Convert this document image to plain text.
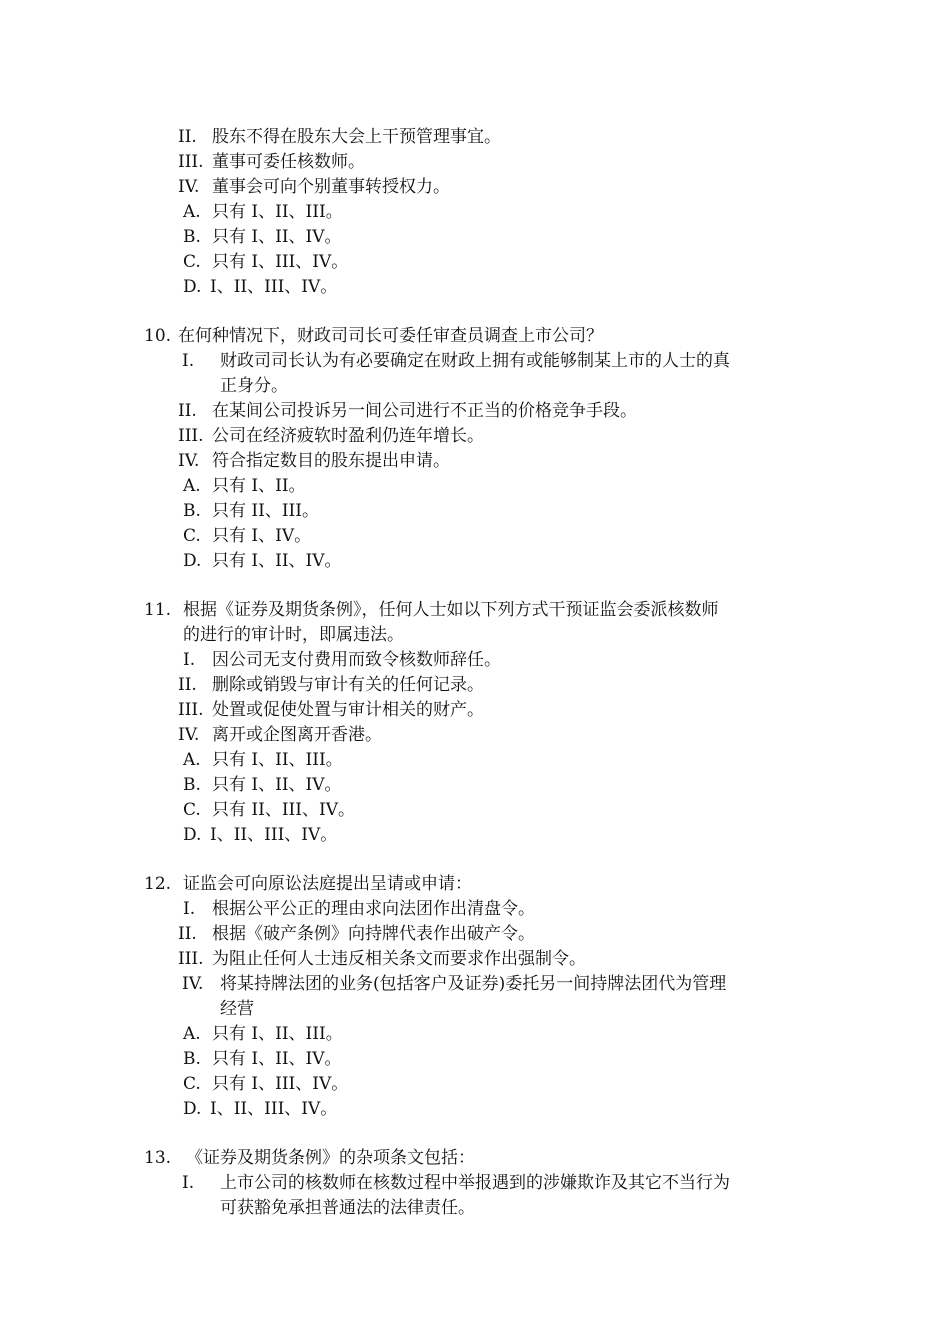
II. 股东不得在股东大会上干预管理事宜。
III. 董事可委任核数师。
IV. 董事会可向个别董事转授权力。
A. 只有 I、II、III。
B. 只有 I、II、IV。
C. 只有 I、III、IV。
D. I、II、III、IV。
10. 在何种情况下，财政司司长可委任审查员调查上市公司？
I.	财政司司长认为有必要确定在财政上拥有或能够制某上市的人士的真
正身分。
II. 在某间公司投诉另一间公司进行不正当的价格竞争手段。
III. 公司在经济疲软时盈利仍连年增长。
IV. 符合指定数目的股东提出申请。
A. 只有 I、II。
B. 只有 II、III。
C. 只有 I、IV。
D. 只有 I、II、IV。
11. 根据《证券及期货条例》，任何人士如以下列方式干预证监会委派核数师
的进行的审计时，即属违法。
I. 因公司无支付费用而致令核数师辞任。
II. 删除或销毁与审计有关的任何记录。
III. 处置或促使处置与审计相关的财产。
IV. 离开或企图离开香港。
A. 只有 I、II、III。
B. 只有 I、II、IV。
C. 只有 II、III、IV。
D. I、II、III、IV。
12. 证监会可向原讼法庭提出呈请或申请：
I. 根据公平公正的理由求向法团作出清盘令。
II. 根据《破产条例》向持牌代表作出破产令。
III. 为阻止任何人士违反相关条文而要求作出强制令。
IV. 将某持牌法团的业务(包括客户及证券)委托另一间持牌法团代为管理
经营
A. 只有 I、II、III。
B. 只有 I、II、IV。
C. 只有 I、III、IV。
D. I、II、III、IV。
13. 《证券及期货条例》的杂项条文包括：
I.	上市公司的核数师在核数过程中举报遇到的涉嫌欺诈及其它不当行为
可获豁免承担普通法的法律责任。
